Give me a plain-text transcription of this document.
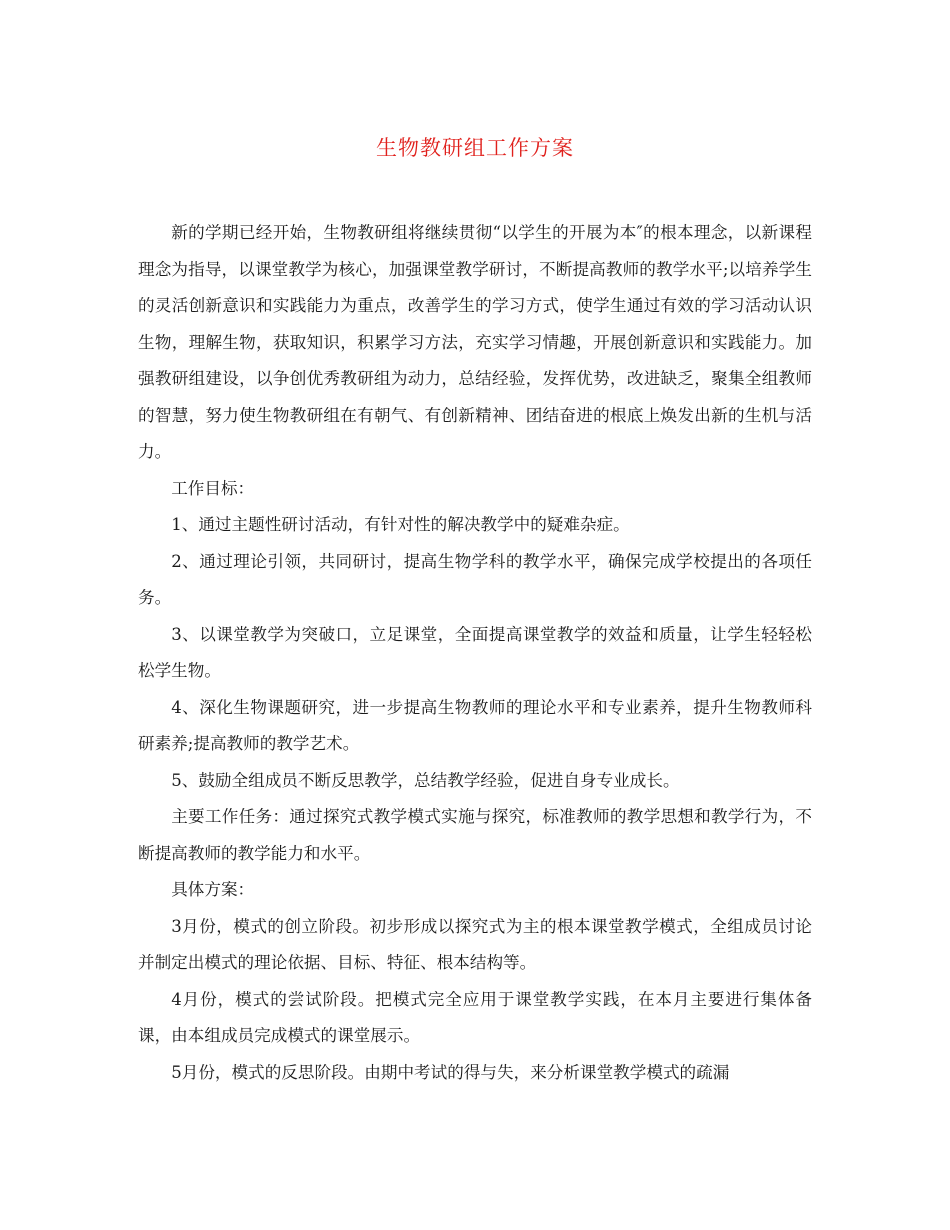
生物教研组工作方案

新的学期已经开始，生物教研组将继续贯彻“以学生的开展为本″的根本理念，以新课程理念为指导，以课堂教学为核心，加强课堂教学研讨，不断提高教师的教学水平;以培养学生的灵活创新意识和实践能力为重点，改善学生的学习方式，使学生通过有效的学习活动认识生物，理解生物，获取知识，积累学习方法，充实学习情趣，开展创新意识和实践能力。加强教研组建设，以争创优秀教研组为动力，总结经验，发挥优势，改进缺乏，聚集全组教师的智慧，努力使生物教研组在有朝气、有创新精神、团结奋进的根底上焕发出新的生机与活力。

工作目标：

1、通过主题性研讨活动，有针对性的解决教学中的疑难杂症。

2、通过理论引领，共同研讨，提高生物学科的教学水平，确保完成学校提出的各项任务。

3、以课堂教学为突破口，立足课堂，全面提高课堂教学的效益和质量，让学生轻轻松松学生物。

4、深化生物课题研究，进一步提高生物教师的理论水平和专业素养，提升生物教师科研素养;提高教师的教学艺术。

5、鼓励全组成员不断反思教学，总结教学经验，促进自身专业成长。

主要工作任务：通过探究式教学模式实施与探究，标准教师的教学思想和教学行为，不断提高教师的教学能力和水平。

具体方案：

3月份，模式的创立阶段。初步形成以探究式为主的根本课堂教学模式，全组成员讨论并制定出模式的理论依据、目标、特征、根本结构等。

4月份，模式的尝试阶段。把模式完全应用于课堂教学实践，在本月主要进行集体备课，由本组成员完成模式的课堂展示。

5月份，模式的反思阶段。由期中考试的得与失，来分析课堂教学模式的疏漏
